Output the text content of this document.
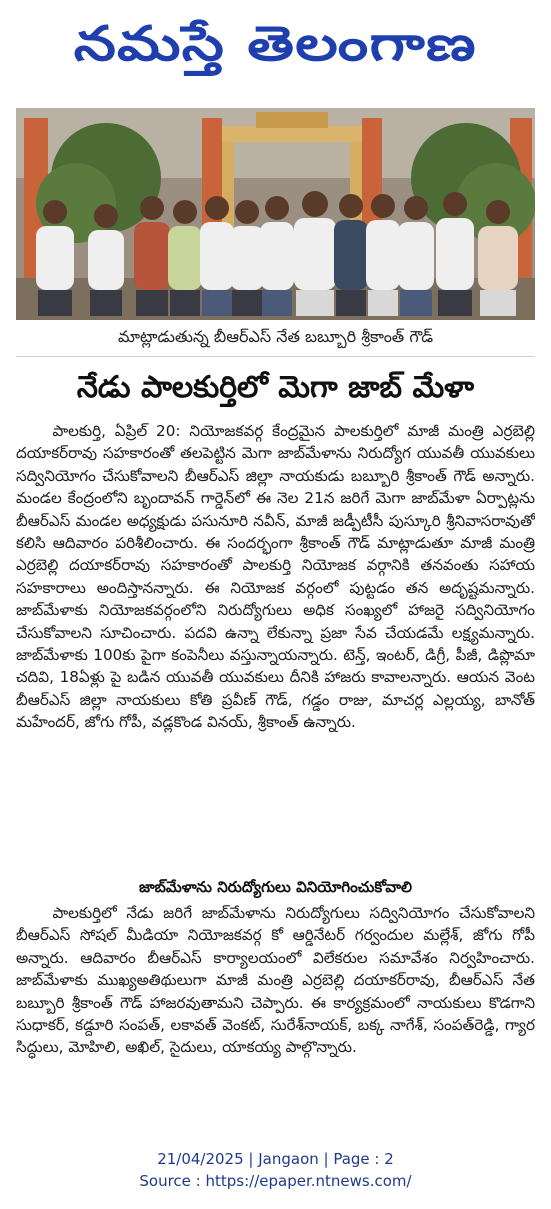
నమస్తే తెలంగాణ
మాట్లాడుతున్న బీఆర్ఎస్ నేత బబ్బూరి శ్రీకాంత్ గౌడ్
నేడు పాలకుర్తిలో మెగా జాబ్ మేళా

పాలకుర్తి, ఏప్రిల్ 20: నియోజకవర్గ కేంద్రమైన పాలకుర్తిలో మాజీ మంత్రి ఎర్రబెల్లి దయాకర్‌రావు సహకారంతో తలపెట్టిన మెగా జాబ్‌మేళాను నిరుద్యోగ యువతీ యువకులు సద్వినియోగం చేసుకోవాలని బీఆర్ఎస్ జిల్లా నాయకుడు బబ్బూరి శ్రీకాంత్ గౌడ్ అన్నారు. మండల కేంద్రంలోని బృందావన్ గార్డెన్‌లో ఈ నెల 21న జరిగే మెగా జాబ్‌మేళా ఏర్పాట్లను బీఆర్ఎస్ మండల అధ్యక్షుడు పసునూరి నవీన్, మాజీ జడ్పీటీసీ పుస్కూరి శ్రీనివాసరావుతో కలిసి ఆదివారం పరిశీలించారు. ఈ సందర్భంగా శ్రీకాంత్ గౌడ్ మాట్లాడుతూ మాజీ మంత్రి ఎర్రబెల్లి దయాకర్‌రావు సహకారంతో పాలకుర్తి నియోజక వర్గానికి తనవంతు సహాయ సహకారాలు అందిస్తానన్నారు. ఈ నియోజక వర్గంలో పుట్టడం తన అదృష్టమన్నారు. జాబ్‌మేళాకు నియోజకవర్గంలోని నిరుద్యోగులు అధిక సంఖ్యలో హాజరై సద్వినియోగం చేసుకోవాలని సూచించారు. పదవి ఉన్నా లేకున్నా ప్రజా సేవ చేయడమే లక్ష్యమన్నారు. జాబ్‌మేళాకు 100కు పైగా కంపెనీలు వస్తున్నాయన్నారు. టెన్త్, ఇంటర్, డిగ్రీ, పీజీ, డిప్లొమా చదివి, 18ఏళ్లు పై బడిన యువతీ యువకులు దీనికి హాజరు కావాలన్నారు. ఆయన వెంట బీఆర్ఎస్ జిల్లా నాయకులు కోతి ప్రవీణ్ గౌడ్, గడ్డం రాజు, మాచర్ల ఎల్లయ్య, బానోత్ మహేందర్, జోగు గోపీ, వడ్లకొండ వినయ్, శ్రీకాంత్ ఉన్నారు.

జాబ్‌మేళాను నిరుద్యోగులు వినియోగించుకోవాలి

పాలకుర్తిలో నేడు జరిగే జాబ్‌మేళాను నిరుద్యోగులు సద్వినియోగం చేసుకోవాలని బీఆర్ఎస్ సోషల్ మీడియా నియోజకవర్గ కో ఆర్డినేటర్ గర్వందుల మల్లేశ్, జోగు గోపీ అన్నారు. ఆదివారం బీఆర్ఎస్ కార్యాలయంలో విలేకరుల సమావేశం నిర్వహించారు. జాబ్‌మేళాకు ముఖ్యఅతిథులుగా మాజీ మంత్రి ఎర్రబెల్లి దయాకర్‌రావు, బీఆర్ఎస్ నేత బబ్బూరి శ్రీకాంత్ గౌడ్ హాజరవుతామని చెప్పారు. ఈ కార్యక్రమంలో నాయకులు కొడగాని సుధాకర్, కడ్దూరి సంపత్, లకావత్ వెంకట్, సురేశ్‌నాయక్, బక్క నాగేశ్, సంపత్‌రెడ్డి, గ్యార సిద్ధులు, మోహిలి, అఖిల్, సైదులు, యాకయ్య పాల్గొన్నారు.

21/04/2025 | Jangaon | Page : 2
Source : https://epaper.ntnews.com/
